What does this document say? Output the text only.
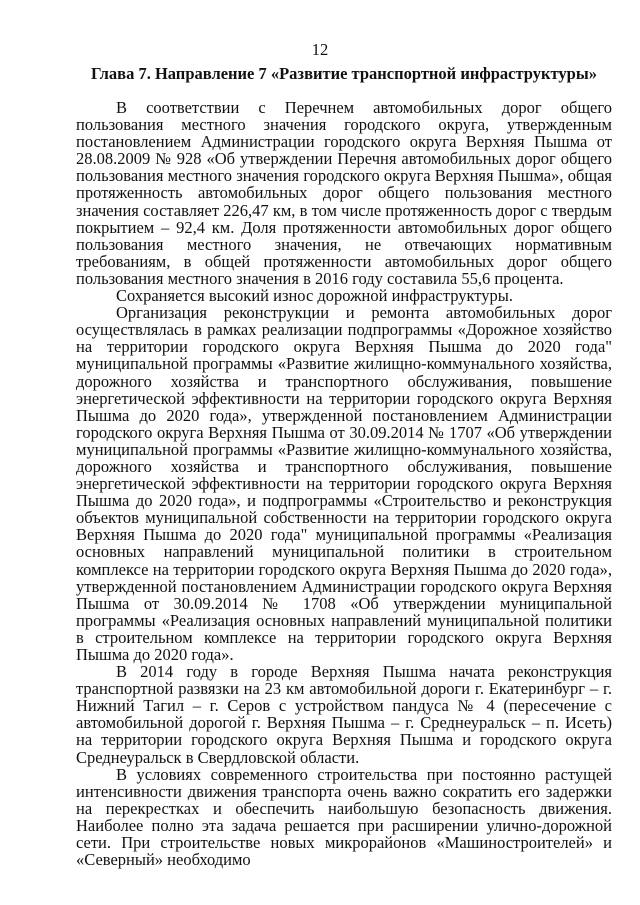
12
Глава 7. Направление 7 «Развитие транспортной инфраструктуры»

В соответствии с Перечнем автомобильных дорог общего пользования местного значения городского округа, утвержденным постановлением Администрации городского округа Верхняя Пышма от 28.08.2009 № 928 «Об утверждении Перечня автомобильных дорог общего пользования местного значения городского округа Верхняя Пышма», общая протяженность автомобильных дорог общего пользования местного значения составляет 226,47 км, в том числе протяженность дорог с твердым покрытием – 92,4 км. Доля протяженности автомобильных дорог общего пользования местного значения, не отвечающих нормативным требованиям, в общей протяженности автомобильных дорог общего пользования местного значения в 2016 году составила 55,6 процента.

Сохраняется высокий износ дорожной инфраструктуры.

Организация реконструкции и ремонта автомобильных дорог осуществлялась в рамках реализации подпрограммы «Дорожное хозяйство на территории городского округа Верхняя Пышма до 2020 года" муниципальной программы «Развитие жилищно-коммунального хозяйства, дорожного хозяйства и транспортного обслуживания, повышение энергетической эффективности на территории городского округа Верхняя Пышма до 2020 года», утвержденной постановлением Администрации городского округа Верхняя Пышма от 30.09.2014 № 1707 «Об утверждении муниципальной программы «Развитие жилищно-коммунального хозяйства, дорожного хозяйства и транспортного обслуживания, повышение энергетической эффективности на территории городского округа Верхняя Пышма до 2020 года», и подпрограммы «Строительство и реконструкция объектов муниципальной собственности на территории городского округа Верхняя Пышма до 2020 года" муниципальной программы «Реализация основных направлений муниципальной политики в строительном комплексе на территории городского округа Верхняя Пышма до 2020 года», утвержденной постановлением Администрации городского округа Верхняя Пышма от 30.09.2014 № 1708 «Об утверждении муниципальной программы «Реализация основных направлений муниципальной политики в строительном комплексе на территории городского округа Верхняя Пышма до 2020 года».

В 2014 году в городе Верхняя Пышма начата реконструкция транспортной развязки на 23 км автомобильной дороги г. Екатеринбург – г. Нижний Тагил – г. Серов с устройством пандуса № 4 (пересечение с автомобильной дорогой г. Верхняя Пышма – г. Среднеуральск – п. Исеть) на территории городского округа Верхняя Пышма и городского округа Среднеуральск в Свердловской области.

В условиях современного строительства при постоянно растущей интенсивности движения транспорта очень важно сократить его задержки на перекрестках и обеспечить наибольшую безопасность движения. Наиболее полно эта задача решается при расширении улично-дорожной сети. При строительстве новых микрорайонов «Машиностроителей» и «Северный» необходимо
